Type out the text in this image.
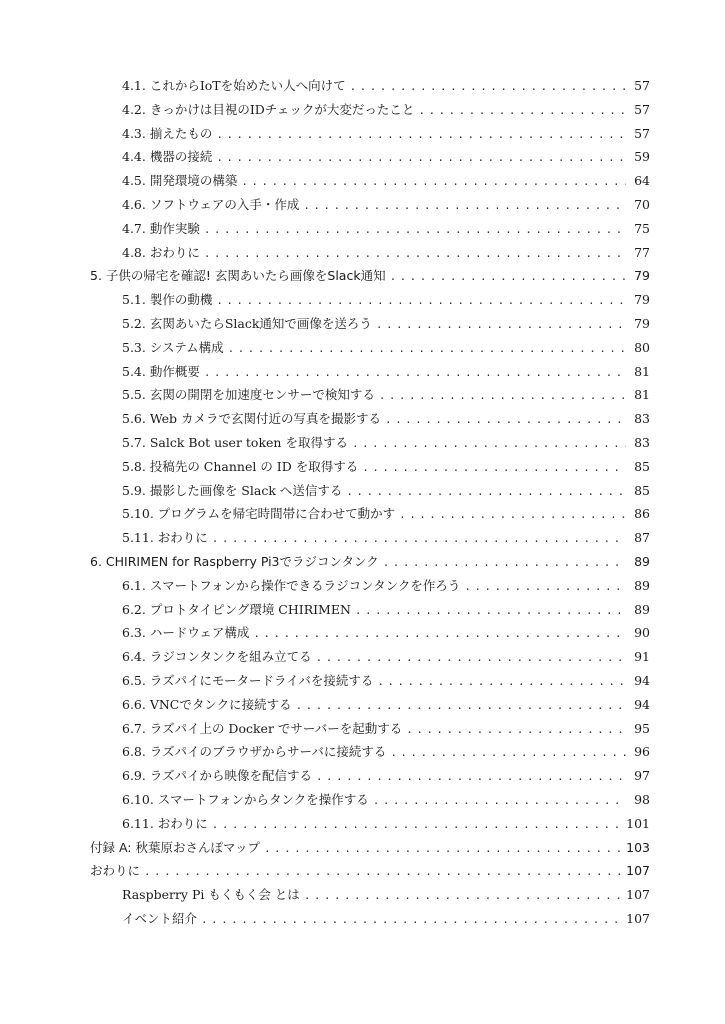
4.1. これからIoTを始めたい人へ向けて . . .	57
4.2. きっかけは目視のIDチェックが大変だったこと . . .	57
4.3. 揃えたもの . . .	57
4.4. 機器の接続 . . .	59
4.5. 開発環境の構築 . . .	64
4.6. ソフトウェアの入手・作成 . . .	70
4.7. 動作実験 . . .	75
4.8. おわりに . . .	77
5. 子供の帰宅を確認! 玄関あいたら画像をSlack通知 . . .	79
5.1. 製作の動機 . . .	79
5.2. 玄関あいたらSlack通知で画像を送ろう . . .	79
5.3. システム構成 . . .	80
5.4. 動作概要 . . .	81
5.5. 玄関の開閉を加速度センサーで検知する . . .	81
5.6. Web カメラで玄関付近の写真を撮影する . . .	83
5.7. Salck Bot user token を取得する . . .	83
5.8. 投稿先の Channel の ID を取得する . . .	85
5.9. 撮影した画像を Slack へ送信する . . .	85
5.10. プログラムを帰宅時間帯に合わせて動かす . . .	86
5.11. おわりに . . .	87
6. CHIRIMEN for Raspberry Pi3でラジコンタンク . . .	89
6.1. スマートフォンから操作できるラジコンタンクを作ろう . . .	89
6.2. プロトタイピング環境 CHIRIMEN . . .	89
6.3. ハードウェア構成 . . .	90
6.4. ラジコンタンクを組み立てる . . .	91
6.5. ラズパイにモータードライバを接続する . . .	94
6.6. VNCでタンクに接続する . . .	94
6.7. ラズパイ上の Docker でサーバーを起動する . . .	95
6.8. ラズパイのブラウザからサーバに接続する . . .	96
6.9. ラズパイから映像を配信する . . .	97
6.10. スマートフォンからタンクを操作する . . .	98
6.11. おわりに . . .	101
付録 A: 秋葉原おさんぽマップ . . .	103
おわりに . . .	107
Raspberry Pi もくもく会 とは . . .	107
イベント紹介 . . .	107
